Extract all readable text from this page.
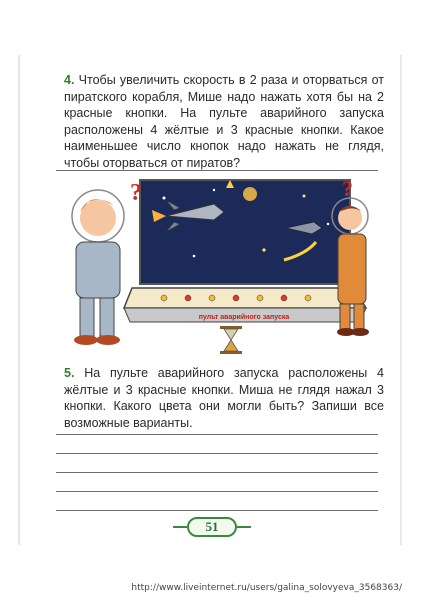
4. Чтобы увеличить скорость в 2 раза и оторваться от пиратского корабля, Мише надо нажать хотя бы на 2 красные кнопки. На пульте аварийного запуска расположены 4 жёлтые и 3 красные кнопки. Какое наименьшее число кнопок надо нажать не глядя, чтобы оторваться от пиратов?
пульт аварийного запуска
?	?
5. На пульте аварийного запуска расположены 4 жёлтые и 3 красные кнопки. Миша не глядя нажал 3 кнопки. Какого цвета они могли быть? Запиши все возможные варианты.
51
http://www.liveinternet.ru/users/galina_solovyeva_3568363/
